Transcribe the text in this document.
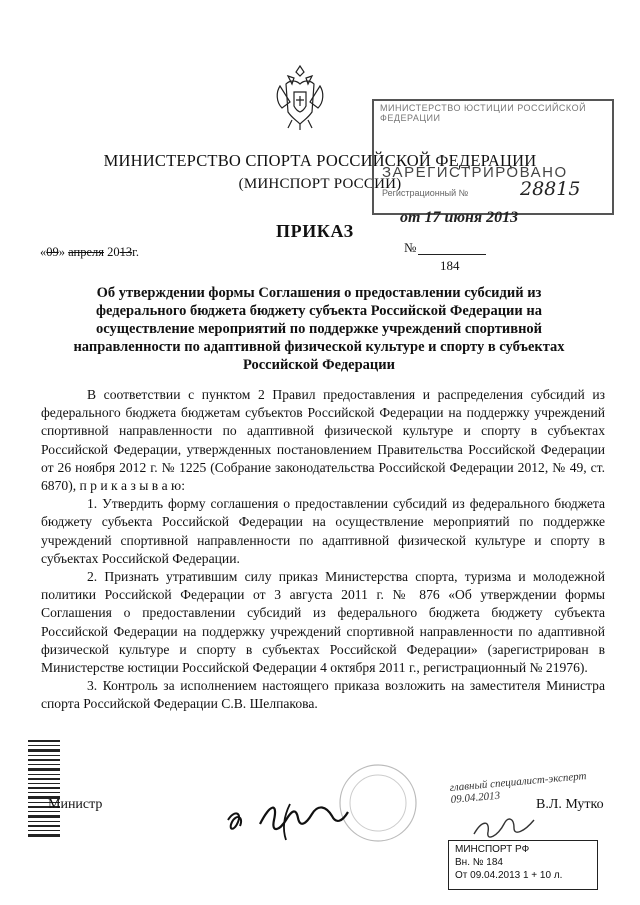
МИНИСТЕРСТВО СПОРТА РОССИЙСКОЙ ФЕДЕРАЦИИ
(МИНСПОРТ РОССИИ)
МИНИСТЕРСТВО ЮСТИЦИИ РОССИЙСКОЙ ФЕДЕРАЦИИ
ЗАРЕГИСТРИРОВАНО
Регистрационный №	28815
от 17 июня 2013
ПРИКАЗ
«09» апреля 2013г.	№
184
Об утверждении формы Соглашения о предоставлении субсидий из федерального бюджета бюджету субъекта Российской Федерации на осуществление мероприятий по поддержке учреждений спортивной направленности по адаптивной физической культуре и спорту в субъектах Российской Федерации

В соответствии с пунктом 2 Правил предоставления и распределения субсидий из федерального бюджета бюджетам субъектов Российской Федерации на поддержку учреждений спортивной направленности по адаптивной физической культуре и спорту в субъектах Российской Федерации, утвержденных постановлением Правительства Российской Федерации от 26 ноября 2012 г. № 1225 (Собрание законодательства Российской Федерации 2012, № 49, ст. 6870), п р и к а з ы в а ю:

1. Утвердить форму соглашения о предоставлении субсидий из федерального бюджета бюджету субъекта Российской Федерации на осуществление мероприятий по поддержке учреждений спортивной направленности по адаптивной физической культуре и спорту в субъектах Российской Федерации.

2. Признать утратившим силу приказ Министерства спорта, туризма и молодежной политики Российской Федерации от 3 августа 2011 г. № 876 «Об утверждении формы Соглашения о предоставлении субсидий из федерального бюджета бюджету субъекта Российской Федерации на поддержку учреждений спортивной направленности по адаптивной физической культуре и спорту в субъектах Российской Федерации» (зарегистрирован в Министерстве юстиции Российской Федерации 4 октября 2011 г., регистрационный № 21976).

3. Контроль за исполнением настоящего приказа возложить на заместителя Министра спорта Российской Федерации С.В. Шелпакова.

Министр
главный специалист-эксперт
09.04.2013	В.Л. Мутко
МИНСПОРТ РФ
Вн. № 184
От 09.04.2013 1 + 10 л.
